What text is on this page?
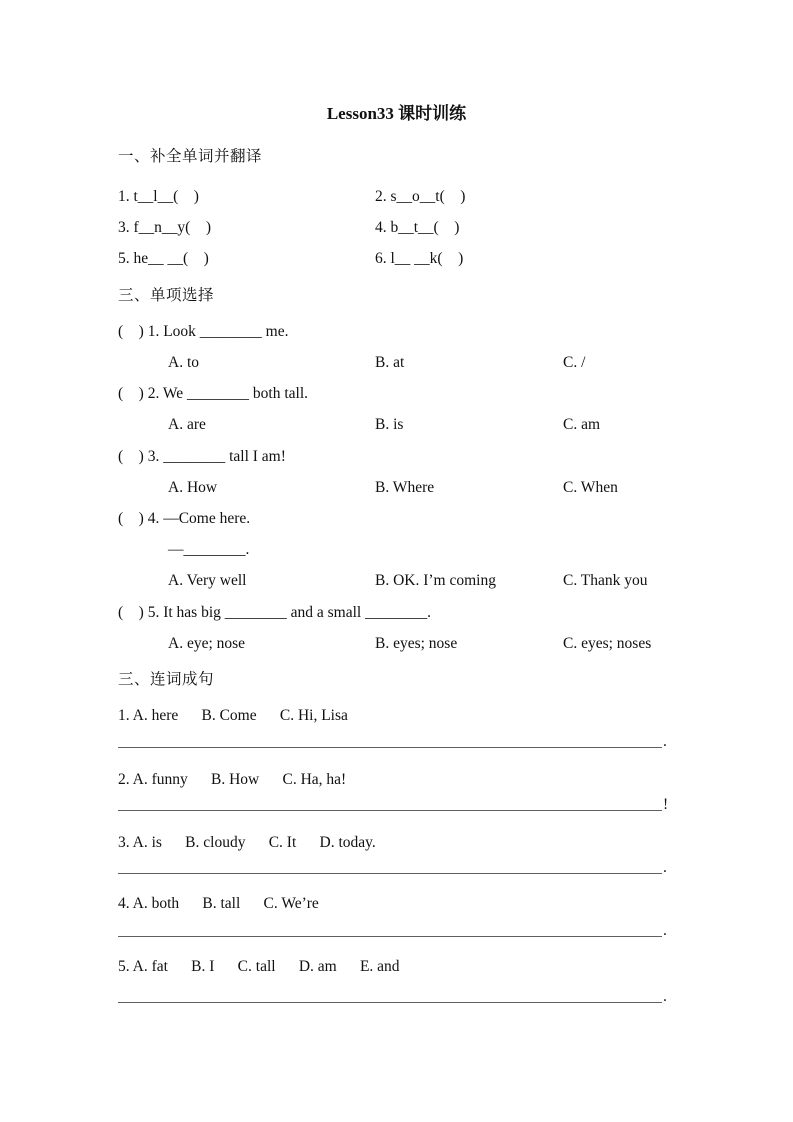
Lesson33 课时训练
一、补全单词并翻译
1. t__l__(    )	2. s__o__t(    )
3. f__n__y(    )	4. b__t__(    )
5. he__ __(    )	6. l__ __k(    )
三、单项选择
(    ) 1. Look ________ me.
A. to	B. at	C. /
(    ) 2. We ________ both tall.
A. are	B. is	C. am
(    ) 3. ________ tall I am!
A. How	B. Where	C. When
(    ) 4. —Come here.
—________.
A. Very well	B. OK. I’m coming	C. Thank you
(    ) 5. It has big ________ and a small ________.
A. eye; nose	B. eyes; nose	C. eyes; noses
三、连词成句
1. A. here      B. Come      C. Hi, Lisa
.
2. A. funny      B. How      C. Ha, ha!
!
3. A. is      B. cloudy      C. It      D. today.
.
4. A. both      B. tall      C. We’re
.
5. A. fat      B. I      C. tall      D. am      E. and
.
